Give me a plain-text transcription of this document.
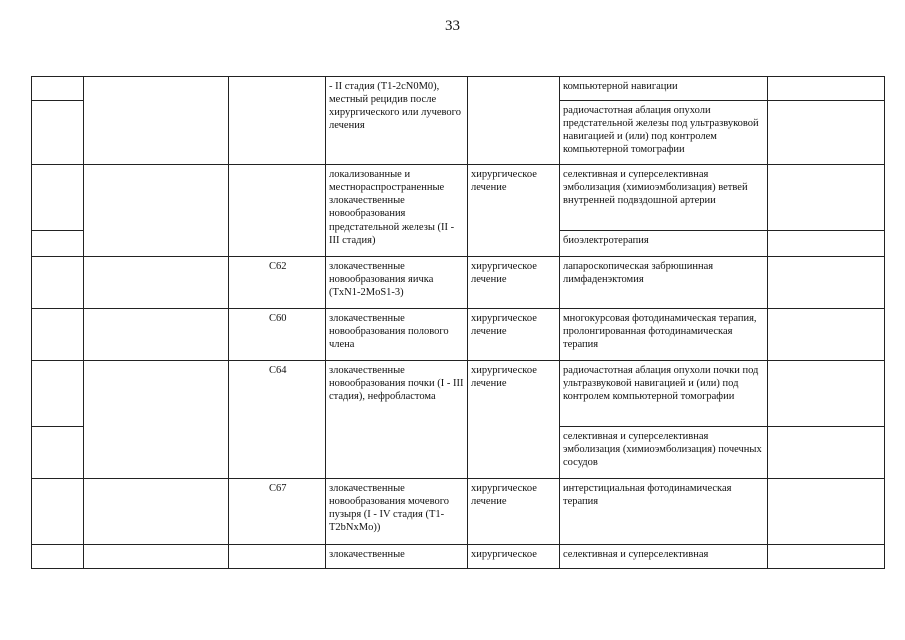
33
			- II стадия (T1-2cN0M0), местный рецидив после хирургического или лучевого лечения		компьютерной навигации	
					радиочастотная аблация опухоли предстательной железы под ультразвуковой навигацией и (или) под контролем компьютерной томографии	
			локализованные и местнораспространенные злокачественные новообразования предстательной железы (II - III стадия)	хирургическое лечение	селективная и суперселективная эмболизация (химиоэмболизация) ветвей внутренней подвздошной артерии	
					биоэлектротерапия	
		C62	злокачественные новообразования яичка (TxN1-2MoS1-3)	хирургическое лечение	лапароскопическая забрюшинная лимфаденэктомия	
		C60	злокачественные новообразования полового члена	хирургическое лечение	многокурсовая фотодинамическая терапия, пролонгированная фотодинамическая терапия	
		C64	злокачественные новообразования почки (I - III стадия), нефробластома	хирургическое лечение	радиочастотная аблация опухоли почки под ультразвуковой навигацией и (или) под контролем компьютерной томографии	
					селективная и суперселективная эмболизация (химиоэмболизация) почечных сосудов	
		C67	злокачественные новообразования мочевого пузыря (I - IV стадия (T1-T2bNxMo))	хирургическое лечение	интерстициальная фотодинамическая терапия	
			злокачественные	хирургическое	селективная и суперселективная	
